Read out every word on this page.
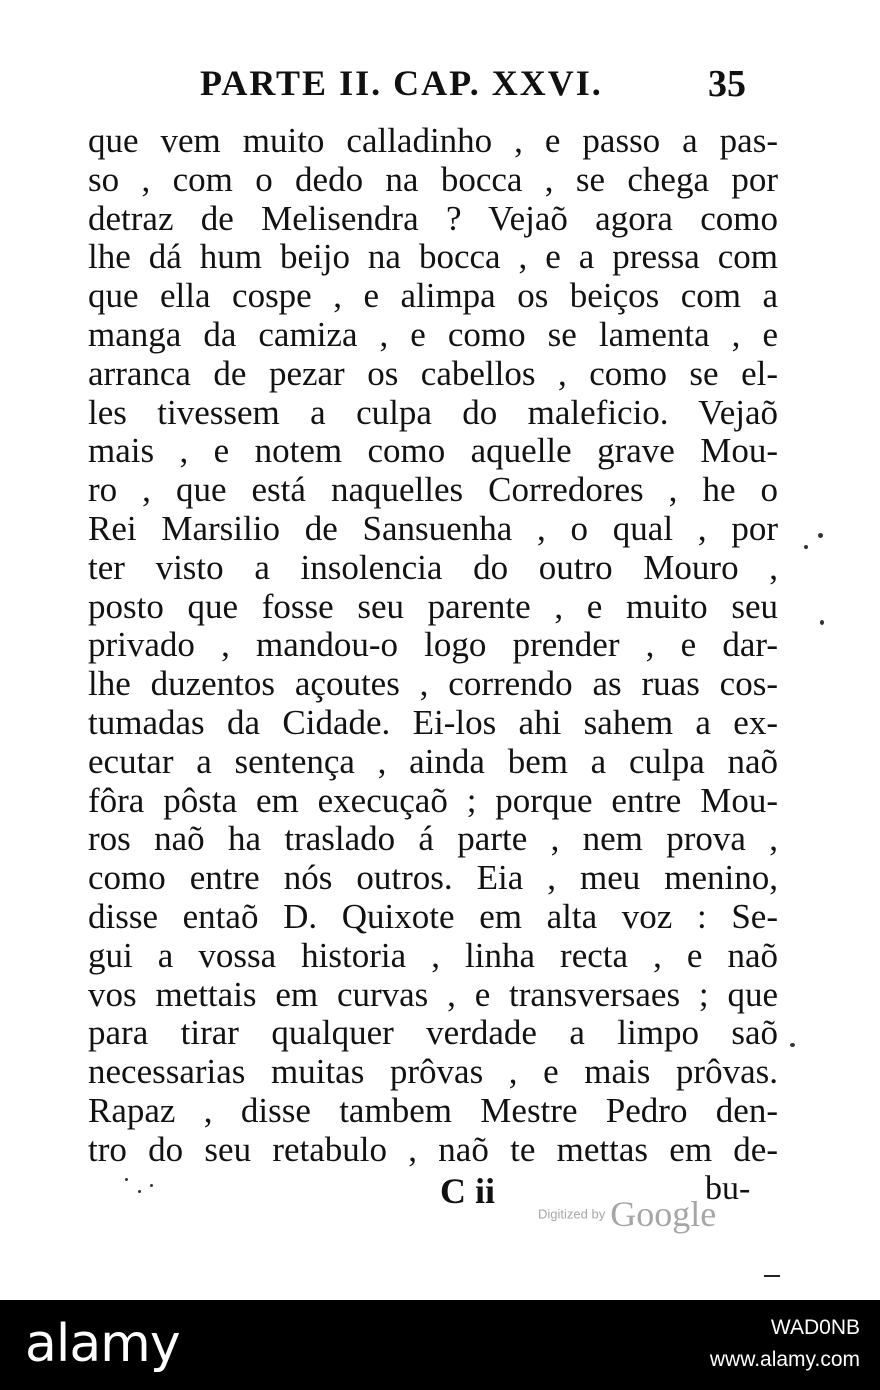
PARTE II. CAP. XXVI.	35
que vem muito calladinho , e passo a pas-
so , com o dedo na bocca , se chega por
detraz de Melisendra ? Vejaõ agora como
lhe dá hum beijo na bocca , e a pressa com
que ella cospe , e alimpa os beiços com a
manga da camiza , e como se lamenta , e
arranca de pezar os cabellos , como se el-
les tivessem a culpa do maleficio. Vejaõ
mais , e notem como aquelle grave Mou-
ro , que está naquelles Corredores , he o
Rei Marsilio de Sansuenha , o qual , por
ter visto a insolencia do outro Mouro ,
posto que fosse seu parente , e muito seu
privado , mandou-o logo prender , e dar-
lhe duzentos açoutes , correndo as ruas cos-
tumadas da Cidade. Ei-los ahi sahem a ex-
ecutar a sentença , ainda bem a culpa naõ
fôra pôsta em execuçaõ ; porque entre Mou-
ros naõ ha traslado á parte , nem prova ,
como entre nós outros. Eia , meu menino,
disse entaõ D. Quixote em alta voz : Se-
gui a vossa historia , linha recta , e naõ
vos mettais em curvas , e transversaes ; que
para tirar qualquer verdade a limpo saõ
necessarias muitas prôvas , e mais prôvas.
Rapaz , disse tambem Mestre Pedro den-
tro do seu retabulo , naõ te mettas em de-
C ii	bu-
Digitized by Google
alamy	WAD0NB
www.alamy.com
